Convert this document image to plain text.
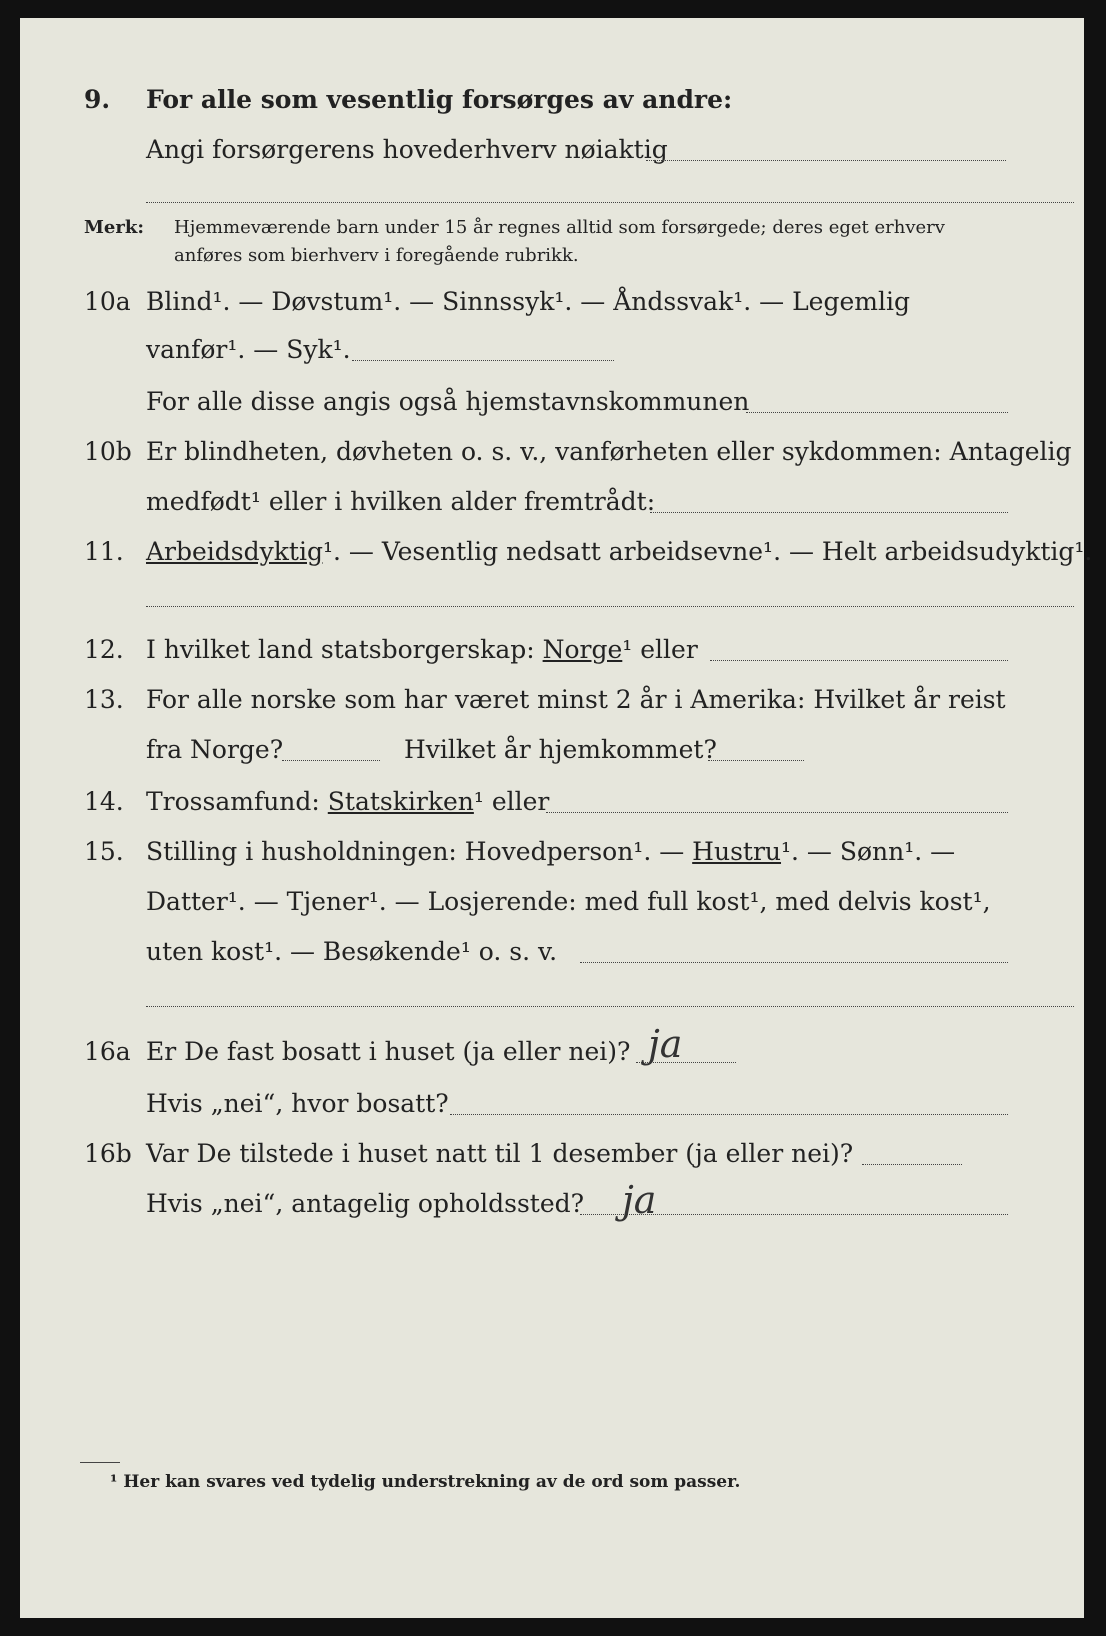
9. For alle som vesentlig forsørges av andre:
Angi forsørgerens hovederhverv nøiaktig
Merk: Hjemmeværende barn under 15 år regnes alltid som forsørgede; deres eget erhverv
anføres som bierhverv i foregående rubrikk.
10a Blind¹. — Døvstum¹. — Sinnssyk¹. — Åndssvak¹. — Legemlig
vanfør¹. — Syk¹.
For alle disse angis også hjemstavnskommunen
10b Er blindheten, døvheten o. s. v., vanførheten eller sykdommen: Antagelig
medfødt¹ eller i hvilken alder fremtrådt:
11. Arbeidsdyktig¹. — Vesentlig nedsatt arbeidsevne¹. — Helt arbeidsudyktig¹.
12. I hvilket land statsborgerskap: Norge¹ eller
13. For alle norske som har været minst 2 år i Amerika: Hvilket år reist
fra Norge?	Hvilket år hjemkommet?
14. Trossamfund: Statskirken¹ eller
15. Stilling i husholdningen: Hovedperson¹. — Hustru¹. — Sønn¹. —
Datter¹. — Tjener¹. — Losjerende: med full kost¹, med delvis kost¹,
uten kost¹. — Besøkende¹ o. s. v.
16a Er De fast bosatt i huset (ja eller nei)? ja
Hvis „nei“, hvor bosatt?
16b Var De tilstede i huset natt til 1 desember (ja eller nei)?
Hvis „nei“, antagelig opholdssted? ja
¹ Her kan svares ved tydelig understrekning av de ord som passer.
